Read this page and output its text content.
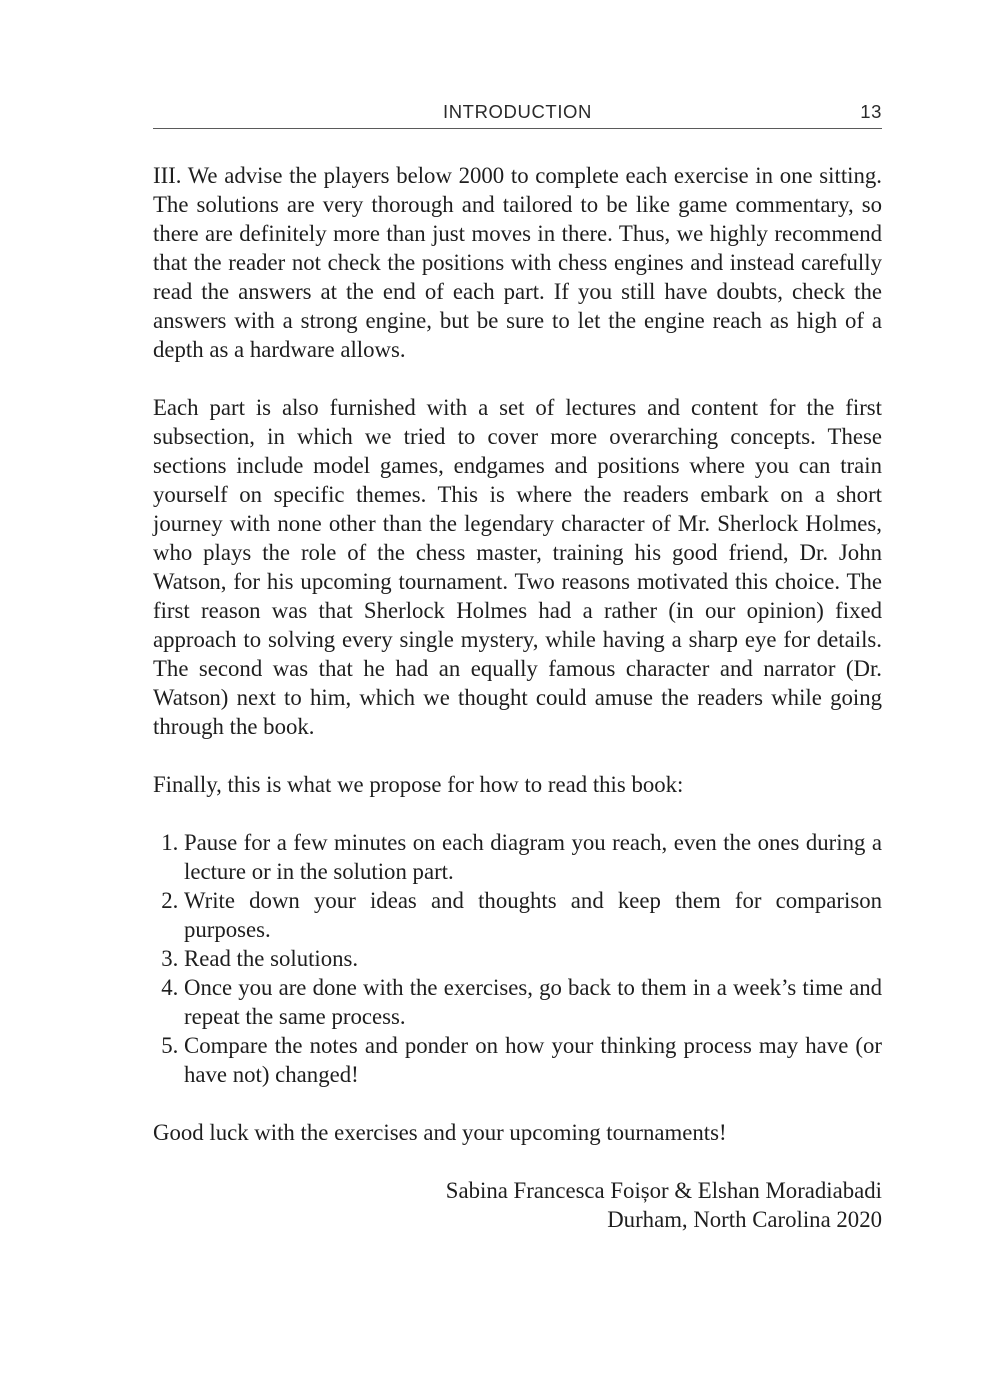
INTRODUCTION	13

III. We advise the players below 2000 to complete each exercise in one sitting. The solutions are very thorough and tailored to be like game commentary, so there are definitely more than just moves in there. Thus, we highly recommend that the reader not check the positions with chess engines and instead carefully read the answers at the end of each part. If you still have doubts, check the answers with a strong engine, but be sure to let the engine reach as high of a depth as a hardware allows.

Each part is also furnished with a set of lectures and content for the first subsection, in which we tried to cover more overarching concepts. These sections include model games, endgames and positions where you can train yourself on specific themes. This is where the readers embark on a short journey with none other than the legendary character of Mr. Sherlock Holmes, who plays the role of the chess master, training his good friend, Dr. John Watson, for his upcoming tournament. Two reasons motivated this choice. The first reason was that Sherlock Holmes had a rather (in our opinion) fixed approach to solving every single mystery, while having a sharp eye for details. The second was that he had an equally famous character and narrator (Dr. Watson) next to him, which we thought could amuse the readers while going through the book.

Finally, this is what we propose for how to read this book:

1. Pause for a few minutes on each diagram you reach, even the ones during a lecture or in the solution part.
2. Write down your ideas and thoughts and keep them for comparison purposes.
3. Read the solutions.
4. Once you are done with the exercises, go back to them in a week’s time and repeat the same process.
5. Compare the notes and ponder on how your thinking process may have (or have not) changed!

Good luck with the exercises and your upcoming tournaments!

Sabina Francesca Foișor & Elshan Moradiabadi
Durham, North Carolina 2020
